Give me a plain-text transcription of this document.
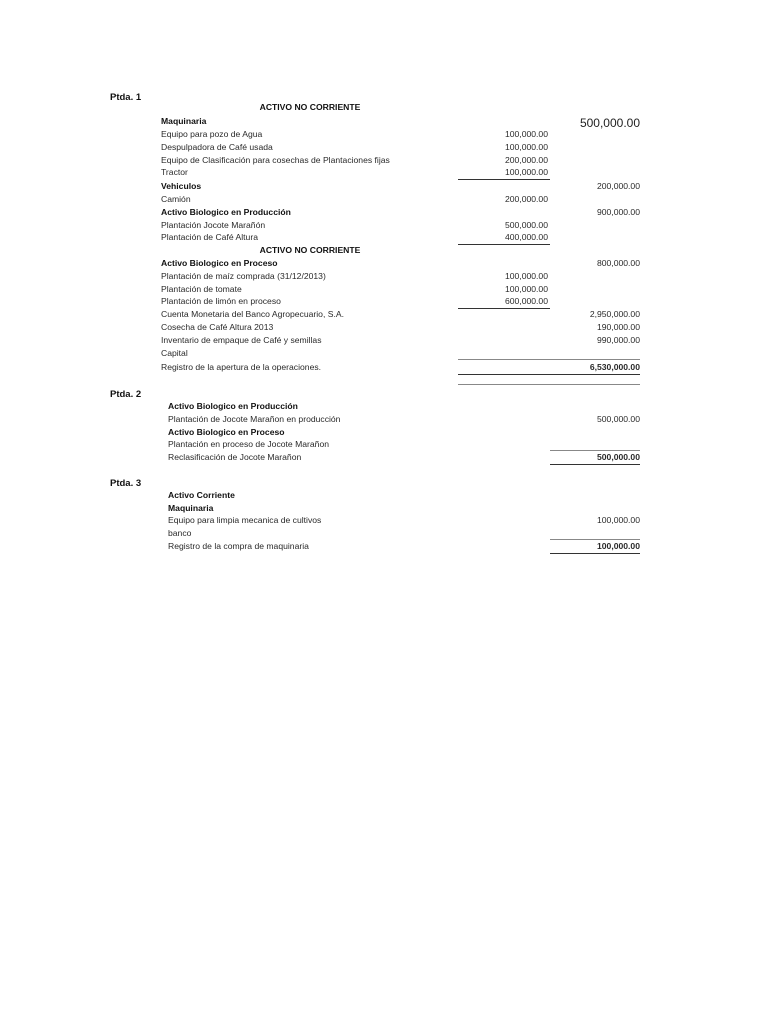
Ptda. 1
ACTIVO NO CORRIENTE
Maquinaria	500,000.00
Equipo para pozo de Agua	100,000.00
Despulpadora de Café usada	100,000.00
Equipo de Clasificación para cosechas de Plantaciones fijas	200,000.00
Tractor	100,000.00
Vehiculos	200,000.00
Camión	200,000.00
Activo Biologico en Producción	900,000.00
Plantación Jocote Marañón	500,000.00
Plantación de Café Altura	400,000.00
ACTIVO NO CORRIENTE
Activo Biologico en Proceso	800,000.00
Plantación de maíz comprada (31/12/2013)	100,000.00
Plantación de tomate	100,000.00
Plantación de limón en proceso	600,000.00
Cuenta Monetaria del Banco Agropecuario, S.A.	2,950,000.00
Cosecha de Café Altura 2013	190,000.00
Inventario de empaque de Café y semillas	990,000.00
Capital
Registro de la apertura de la operaciones.	6,530,000.00
Ptda. 2
Activo Biologico en Producción
Plantación de Jocote Marañon en producción	500,000.00
Activo Biologico en Proceso
Plantación en proceso de Jocote Marañon
Reclasificación de Jocote Marañon	500,000.00
Ptda. 3
Activo Corriente
Maquinaria
Equipo para limpia mecanica de cultivos	100,000.00
banco
Registro de la compra de maquinaria	100,000.00
